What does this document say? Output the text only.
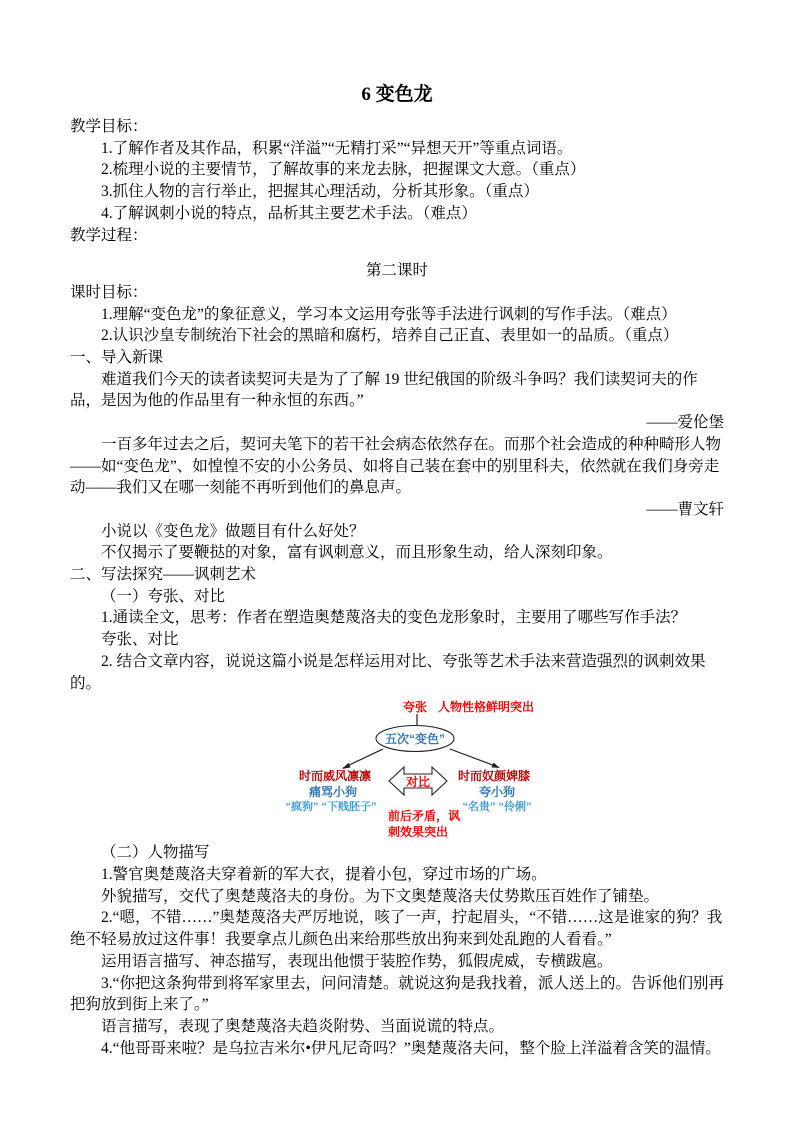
6 变色龙
教学目标：
1.了解作者及其作品，积累“洋溢”“无精打采”“异想天开”等重点词语。
2.梳理小说的主要情节，了解故事的来龙去脉，把握课文大意。（重点）
3.抓住人物的言行举止，把握其心理活动，分析其形象。（重点）
4.了解讽刺小说的特点，品析其主要艺术手法。（难点）
教学过程：
第二课时
课时目标：
1.理解“变色龙”的象征意义，学习本文运用夸张等手法进行讽刺的写作手法。（难点）
2.认识沙皇专制统治下社会的黑暗和腐朽，培养自己正直、表里如一的品质。（重点）
一、导入新课
难道我们今天的读者读契诃夫是为了了解 19 世纪俄国的阶级斗争吗？我们读契诃夫的作品，是因为他的作品里有一种永恒的东西。”
——爱伦堡
一百多年过去之后，契诃夫笔下的若干社会病态依然存在。而那个社会造成的种种畸形人物——如“变色龙”、如惶惶不安的小公务员、如将自己装在套中的别里科夫，依然就在我们身旁走动——我们又在哪一刻能不再听到他们的鼻息声。
——曹文轩
小说以《变色龙》做题目有什么好处？
不仅揭示了要鞭挞的对象，富有讽刺意义，而且形象生动，给人深刻印象。
二、写法探究——讽刺艺术
（一）夸张、对比
1.通读全文，思考：作者在塑造奥楚蔑洛夫的变色龙形象时，主要用了哪些写作手法？
夸张、对比
2. 结合文章内容，说说这篇小说是怎样运用对比、夸张等艺术手法来营造强烈的讽刺效果的。
夸张 人物性格鲜明突出
五次“变色”
时而威风凛凛
痛骂小狗
“疯狗” “下贱胚子”
对比
前后矛盾，讽刺效果突出
时而奴颜婢膝
夸小狗
“名贵” “伶俐”
（二）人物描写
1.警官奥楚蔑洛夫穿着新的军大衣，提着小包，穿过市场的广场。
外貌描写，交代了奥楚蔑洛夫的身份。为下文奥楚蔑洛夫仗势欺压百姓作了铺垫。
2.“嗯，不错……”奥楚蔑洛夫严厉地说，咳了一声，拧起眉头，“不错……这是谁家的狗？我绝不轻易放过这件事！我要拿点儿颜色出来给那些放出狗来到处乱跑的人看看。”
运用语言描写、神态描写，表现出他惯于装腔作势，狐假虎威，专横跋扈。
3.“你把这条狗带到将军家里去，问问清楚。就说这狗是我找着，派人送上的。告诉他们别再把狗放到街上来了。”
语言描写，表现了奥楚蔑洛夫趋炎附势、当面说谎的特点。
4.“他哥哥来啦？是乌拉吉米尔•伊凡尼奇吗？”奥楚蔑洛夫问，整个脸上洋溢着含笑的温情。
